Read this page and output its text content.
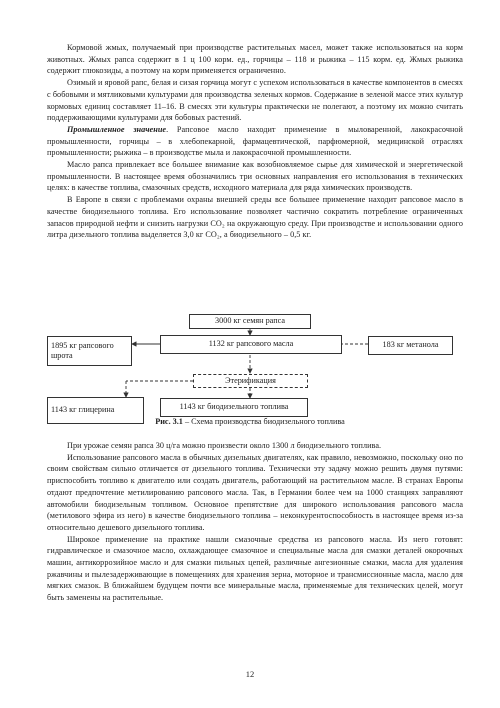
Кормовой жмых, получаемый при производстве растительных масел, может также использоваться на корм животных. Жмых рапса содержит в 1 ц 100 корм. ед., горчицы – 118 и рыжика – 115 корм. ед. Жмых рыжика содержит глюкозиды, а поэтому на корм применяется ограниченно.

Озимый и яровой рапс, белая и сизая горчица могут с успехом использоваться в качестве компонентов в смесях с бобовыми и мятликовыми культурами для производства зеленых кормов. Содержание в зеленой массе этих культур кормовых единиц составляет 11–16. В смесях эти культуры практически не полегают, а поэтому их можно считать поддерживающими культурами для бобовых растений.

Промышленное значение. Рапсовое масло находит применение в мыловаренной, лакокрасочной промышленности, горчицы – в хлебопекарной, фармацевтической, парфюмерной, медицинской отраслях промышленности; рыжика – в производстве мыла и лакокрасочной промышленности.

Масло рапса привлекает все большее внимание как возобновляемое сырье для химической и энергетической промышленности. В настоящее время обозначились три основных направления его использования в технических целях: в качестве топлива, смазочных средств, исходного материала для ряда химических производств.

В Европе в связи с проблемами охраны внешней среды все большее применение находит рапсовое масло в качестве биодизельного топлива. Его использование позволяет частично сократить потребление ограниченных запасов природной нефти и снизить нагрузки CO₂ на окружающую среду. При производстве и использовании одного литра дизельного топлива выделяется 3,0 кг CO₂, а биодизельного – 0,5 кг.

3000 кг семян рапса
1132 кг рапсового масла
1895 кг рапсового шрота
183 кг метанола
Этерификация
1143 кг глицерина	1143 кг биодизельного топлива
Рис. 3.1 – Схема производства биодизельного топлива

При урожае семян рапса 30 ц/га можно произвести около 1300 л биодизельного топлива.

Использование рапсового масла в обычных дизельных двигателях, как правило, невозможно, поскольку оно по своим свойствам сильно отличается от дизельного топлива. Технически эту задачу можно решить двумя путями: приспособить топливо к двигателю или создать двигатель, работающий на растительном масле. В странах Европы отдают предпочтение метилированию рапсового масла. Так, в Германии более чем на 1000 станциях заправляют автомобили биодизельным топливом. Основное препятствие для широкого использования рапсового масла (метилового эфира из него) в качестве биодизельного топлива – неконкурентоспособность в настоящее время из-за относительно дешевого дизельного топлива.

Широкое применение на практике нашли смазочные средства из рапсового масла. Из него готовят: гидравлическое и смазочное масло, охлаждающее смазочное и специальные масла для смазки деталей окорочных машин, антикоррозийное масло и для смазки пильных цепей, различные ангезионные смазки, масла для удаления ржавчины и пылезадерживающие в помещениях для хранения зерна, моторное и трансмиссионные масла, масло для мягких смазок. В ближайшем будущем почти все минеральные масла, применяемые для технических целей, могут быть заменены на растительные.

12
